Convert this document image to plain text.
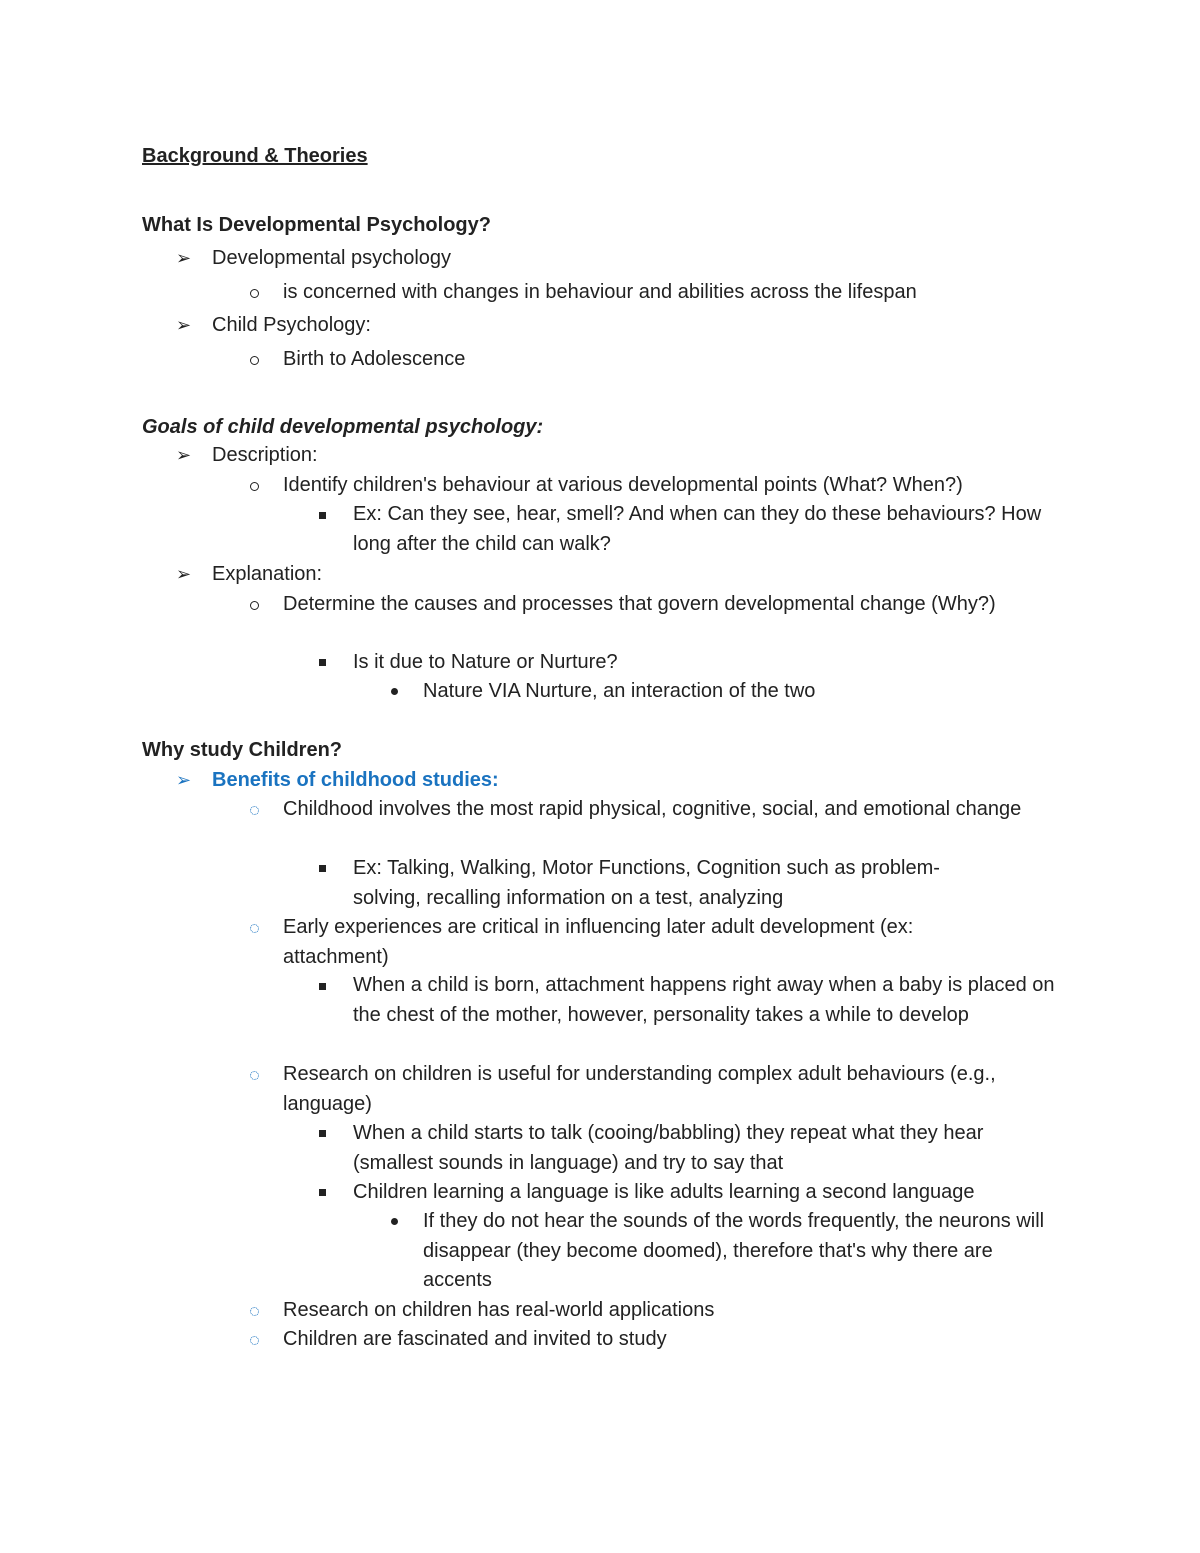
Background & Theories
What Is Developmental Psychology?
➢ Developmental psychology
is concerned with changes in behaviour and abilities across the lifespan
➢ Child Psychology:
Birth to Adolescence
Goals of child developmental psychology:
➢ Description:
Identify children's behaviour at various developmental points (What? When?)
Ex: Can they see, hear, smell? And when can they do these behaviours? How long after the child can walk?
➢ Explanation:
Determine the causes and processes that govern developmental change (Why?)
Is it due to Nature or Nurture?
Nature VIA Nurture, an interaction of the two
Why study Children?
➢ Benefits of childhood studies:
Childhood involves the most rapid physical, cognitive, social, and emotional change
Ex: Talking, Walking, Motor Functions, Cognition such as problem-solving, recalling information on a test, analyzing
Early experiences are critical in influencing later adult development (ex: attachment)
When a child is born, attachment happens right away when a baby is placed on the chest of the mother, however, personality takes a while to develop
Research on children is useful for understanding complex adult behaviours (e.g., language)
When a child starts to talk (cooing/babbling) they repeat what they hear (smallest sounds in language) and try to say that
Children learning a language is like adults learning a second language
If they do not hear the sounds of the words frequently, the neurons will disappear (they become doomed), therefore that's why there are accents
Research on children has real-world applications
Children are fascinated and invited to study
